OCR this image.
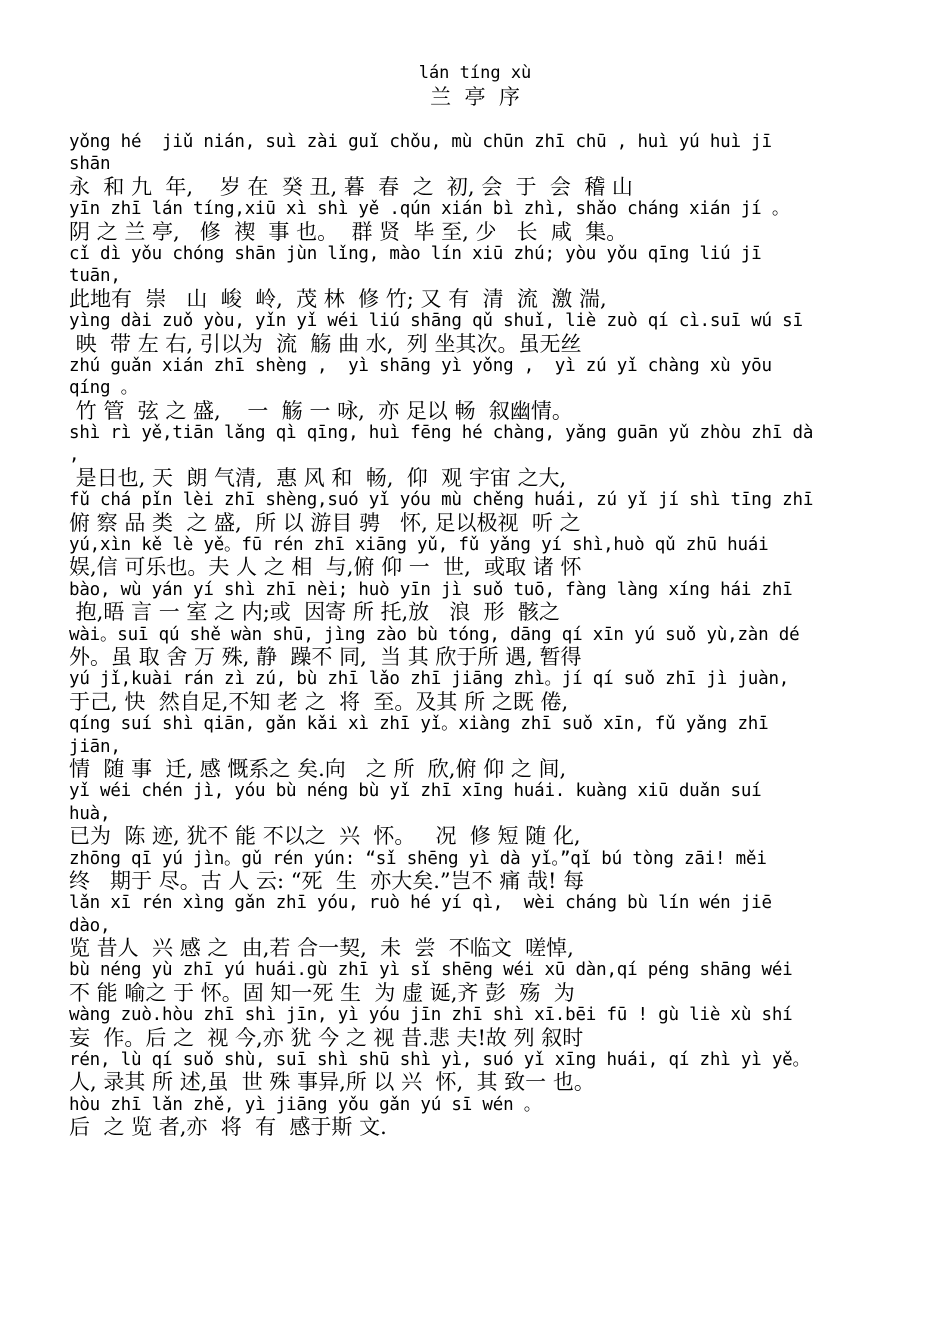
lán tíng xù
兰  亭  序
yǒng hé  jiǔ nián, suì zài guǐ chǒu, mù chūn zhī chū , huì yú huì jī
shān
永  和 九  年,    岁 在  癸 丑, 暮  春  之  初, 会  于  会  稽 山
yīn zhī lán tíng,xiū xì shì yě .qún xián bì zhì, shǎo cháng xián jí 。
阴 之 兰 亭,   修  禊  事 也。  群 贤  毕 至, 少   长  咸  集。
cǐ dì yǒu chóng shān jùn lǐng, mào lín xiū zhú; yòu yǒu qīng liú jī
tuān,
此地有  崇   山  峻  岭,  茂 林  修 竹; 又 有  清  流  激 湍,
yìng dài zuǒ yòu, yǐn yǐ wéi liú shāng qǔ shuǐ, liè zuò qí cì.suī wú sī
映  带 左 右, 引以为  流  觞 曲 水,  列 坐其次。虽无丝
zhú guǎn xián zhī shèng ,  yì shāng yì yǒng ,  yì zú yǐ chàng xù yōu
qíng 。
竹 管  弦 之 盛,    一  觞 一 咏,  亦 足以 畅  叙幽情。
shì rì yě,tiān lǎng qì qīng, huì fēng hé chàng, yǎng guān yǔ zhòu zhī dà
,
是日也, 天  朗 气清,  惠 风 和  畅,  仰  观 宇宙 之大,
fǔ chá pǐn lèi zhī shèng,suó yǐ yóu mù chěng huái, zú yǐ jí shì tīng zhī
俯 察 品 类  之 盛,  所 以 游目 骋   怀, 足以极视  听 之
yú,xìn kě lè yě。fū rén zhī xiāng yǔ, fǔ yǎng yí shì,huò qǔ zhū huái
娱,信 可乐也。夫 人 之 相  与,俯 仰 一  世,  或取 诸 怀
bào, wù yán yí shì zhī nèi; huò yīn jì suǒ tuō, fàng làng xíng hái zhī
抱,晤 言 一 室 之 内;或  因寄 所 托,放   浪  形  骸之
wài。suī qú shě wàn shū, jìng zào bù tóng, dāng qí xīn yú suǒ yù,zàn dé
外。虽 取 舍 万 殊, 静  躁不 同,  当 其 欣于所 遇, 暂得
yú jǐ,kuài rán zì zú, bù zhī lǎo zhī jiāng zhì。jí qí suǒ zhī jì juàn,
于己, 快  然自足,不知 老 之  将  至。及其 所 之既 倦,
qíng suí shì qiān, gǎn kǎi xì zhī yǐ。xiàng zhī suǒ xīn, fǔ yǎng zhī
jiān,
情  随 事  迁, 感 慨系之 矣.向   之 所  欣,俯 仰 之 间,
yǐ wéi chén jì, yóu bù néng bù yǐ zhī xīng huái. kuàng xiū duǎn suí
huà,
已为  陈 迹, 犹不 能 不以之  兴  怀。   况  修 短 随 化,
zhōng qī yú jìn。gǔ rén yún: “sǐ shēng yì dà yǐ。”qǐ bú tòng zāi! měi
终   期于 尽。古 人 云: “死  生  亦大矣.”岂不 痛 哉! 每
lǎn xī rén xìng gǎn zhī yóu, ruò hé yí qì,  wèi cháng bù lín wén jiē
dào,
览 昔人  兴 感 之  由,若 合一契,  未  尝  不临文  嗟悼,
bù néng yù zhī yú huái.gù zhī yì sǐ shēng wéi xū dàn,qí péng shāng wéi
不 能 喻之 于 怀。固 知一死 生  为 虚 诞,齐 彭  殇  为
wàng zuò.hòu zhī shì jīn, yì yóu jīn zhī shì xī.bēi fū ! gù liè xù shí
妄  作。后 之  视 今,亦 犹 今 之 视 昔.悲 夫!故 列 叙时
rén, lù qí suǒ shù, suī shì shū shì yì, suó yǐ xīng huái, qí zhì yì yě。
人, 录其 所 述,虽  世 殊 事异,所 以 兴  怀,  其 致一 也。
hòu zhī lǎn zhě, yì jiāng yǒu gǎn yú sī wén 。
后  之 览 者,亦  将  有  感于斯 文.
